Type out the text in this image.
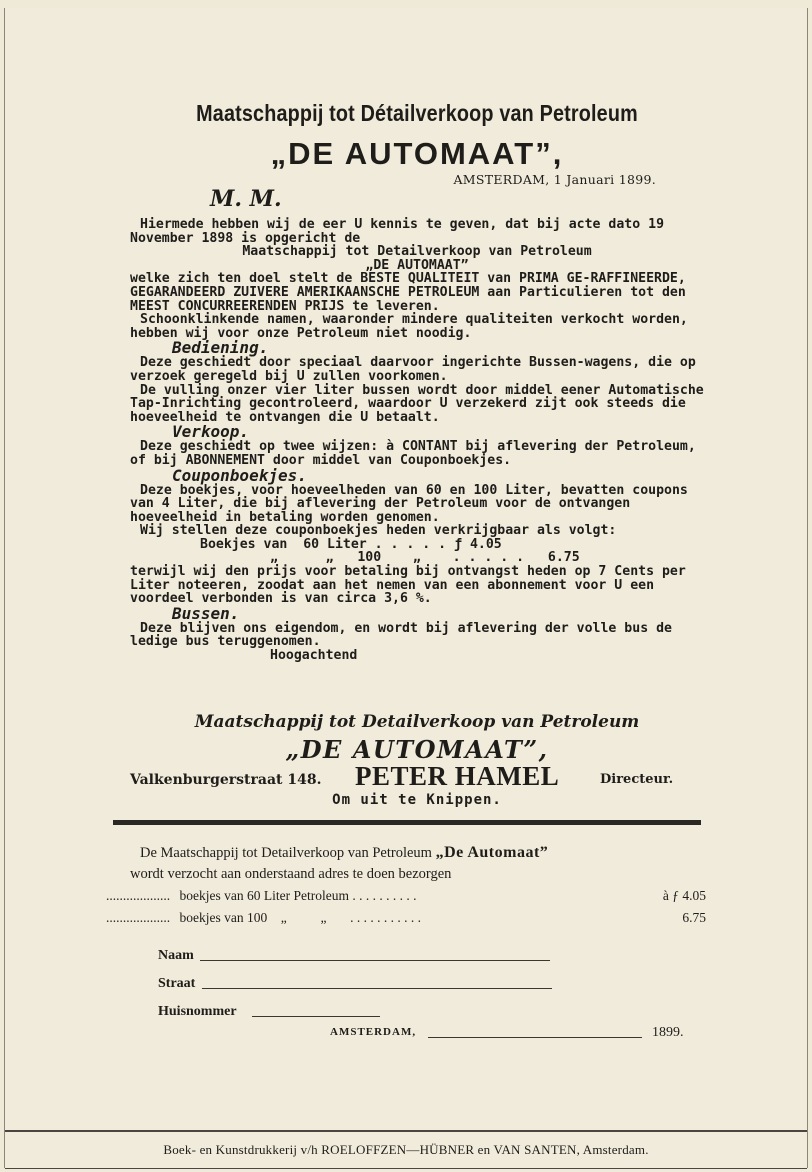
Maatschappij tot Détailverkoop van Petroleum
„DE AUTOMAAT”,
AMSTERDAM, 1 Januari 1899.
M. M.

Hiermede hebben wij de eer U kennis te geven, dat bij acte dato 19 November 1898 is opgericht de

Maatschappij tot Detailverkoop van Petroleum

„DE AUTOMAAT”

welke zich ten doel stelt de BESTE QUALITEIT van PRIMA GE-RAFFINEERDE, GEGARANDEERD ZUIVERE AMERIKAANSCHE PETROLEUM aan Particulieren tot den MEEST CONCURREERENDEN PRIJS te leveren.

Schoonklinkende namen, waaronder mindere qualiteiten verkocht worden, hebben wij voor onze Petroleum niet noodig.

Bediening.

Deze geschiedt door speciaal daarvoor ingerichte Bussen-wagens, die op verzoek geregeld bij U zullen voorkomen.

De vulling onzer vier liter bussen wordt door middel eener Automatische Tap-Inrichting gecontroleerd, waardoor U verzekerd zijt ook steeds die hoeveelheid te ontvangen die U betaalt.

Verkoop.

Deze geschiedt op twee wijzen: à CONTANT bij aflevering der Petroleum, of bij ABONNEMENT door middel van Couponboekjes.

Couponboekjes.

Deze boekjes, voor hoeveelheden van 60 en 100 Liter, bevatten coupons van 4 Liter, die bij aflevering der Petroleum voor de ontvangen hoeveelheid in betaling worden genomen.

Wij stellen deze couponboekjes heden verkrijgbaar als volgt:

Boekjes van  60 Liter . . . . . ƒ 4.05

„      „   100    „    . . . . .   6.75

terwijl wij den prijs voor betaling bij ontvangst heden op 7 Cents per Liter noteeren, zoodat aan het nemen van een abonnement voor U een voordeel verbonden is van circa 3,6 %.

Bussen.

Deze blijven ons eigendom, en wordt bij aflevering der volle bus de ledige bus teruggenomen.

Hoogachtend

Maatschappij tot Detailverkoop van Petroleum
„DE AUTOMAAT”,
Valkenburgerstraat 148. PETER HAMEL	Directeur.
Om uit te Knippen.
De Maatschappij tot Detailverkoop van Petroleum „De Automaat”
wordt verzocht aan onderstaand adres te doen bezorgen
................... boekjes van 60 Liter Petroleum . . . . . . . . . .	à ƒ 4.05
................... boekjes van 100    „          „       . . . . . . . . . . .	6.75
Naam
Straat
Huisnommer
AMSTERDAM,	1899.
Boek- en Kunstdrukkerij v/h ROELOFFZEN—HÜBNER en VAN SANTEN, Amsterdam.
